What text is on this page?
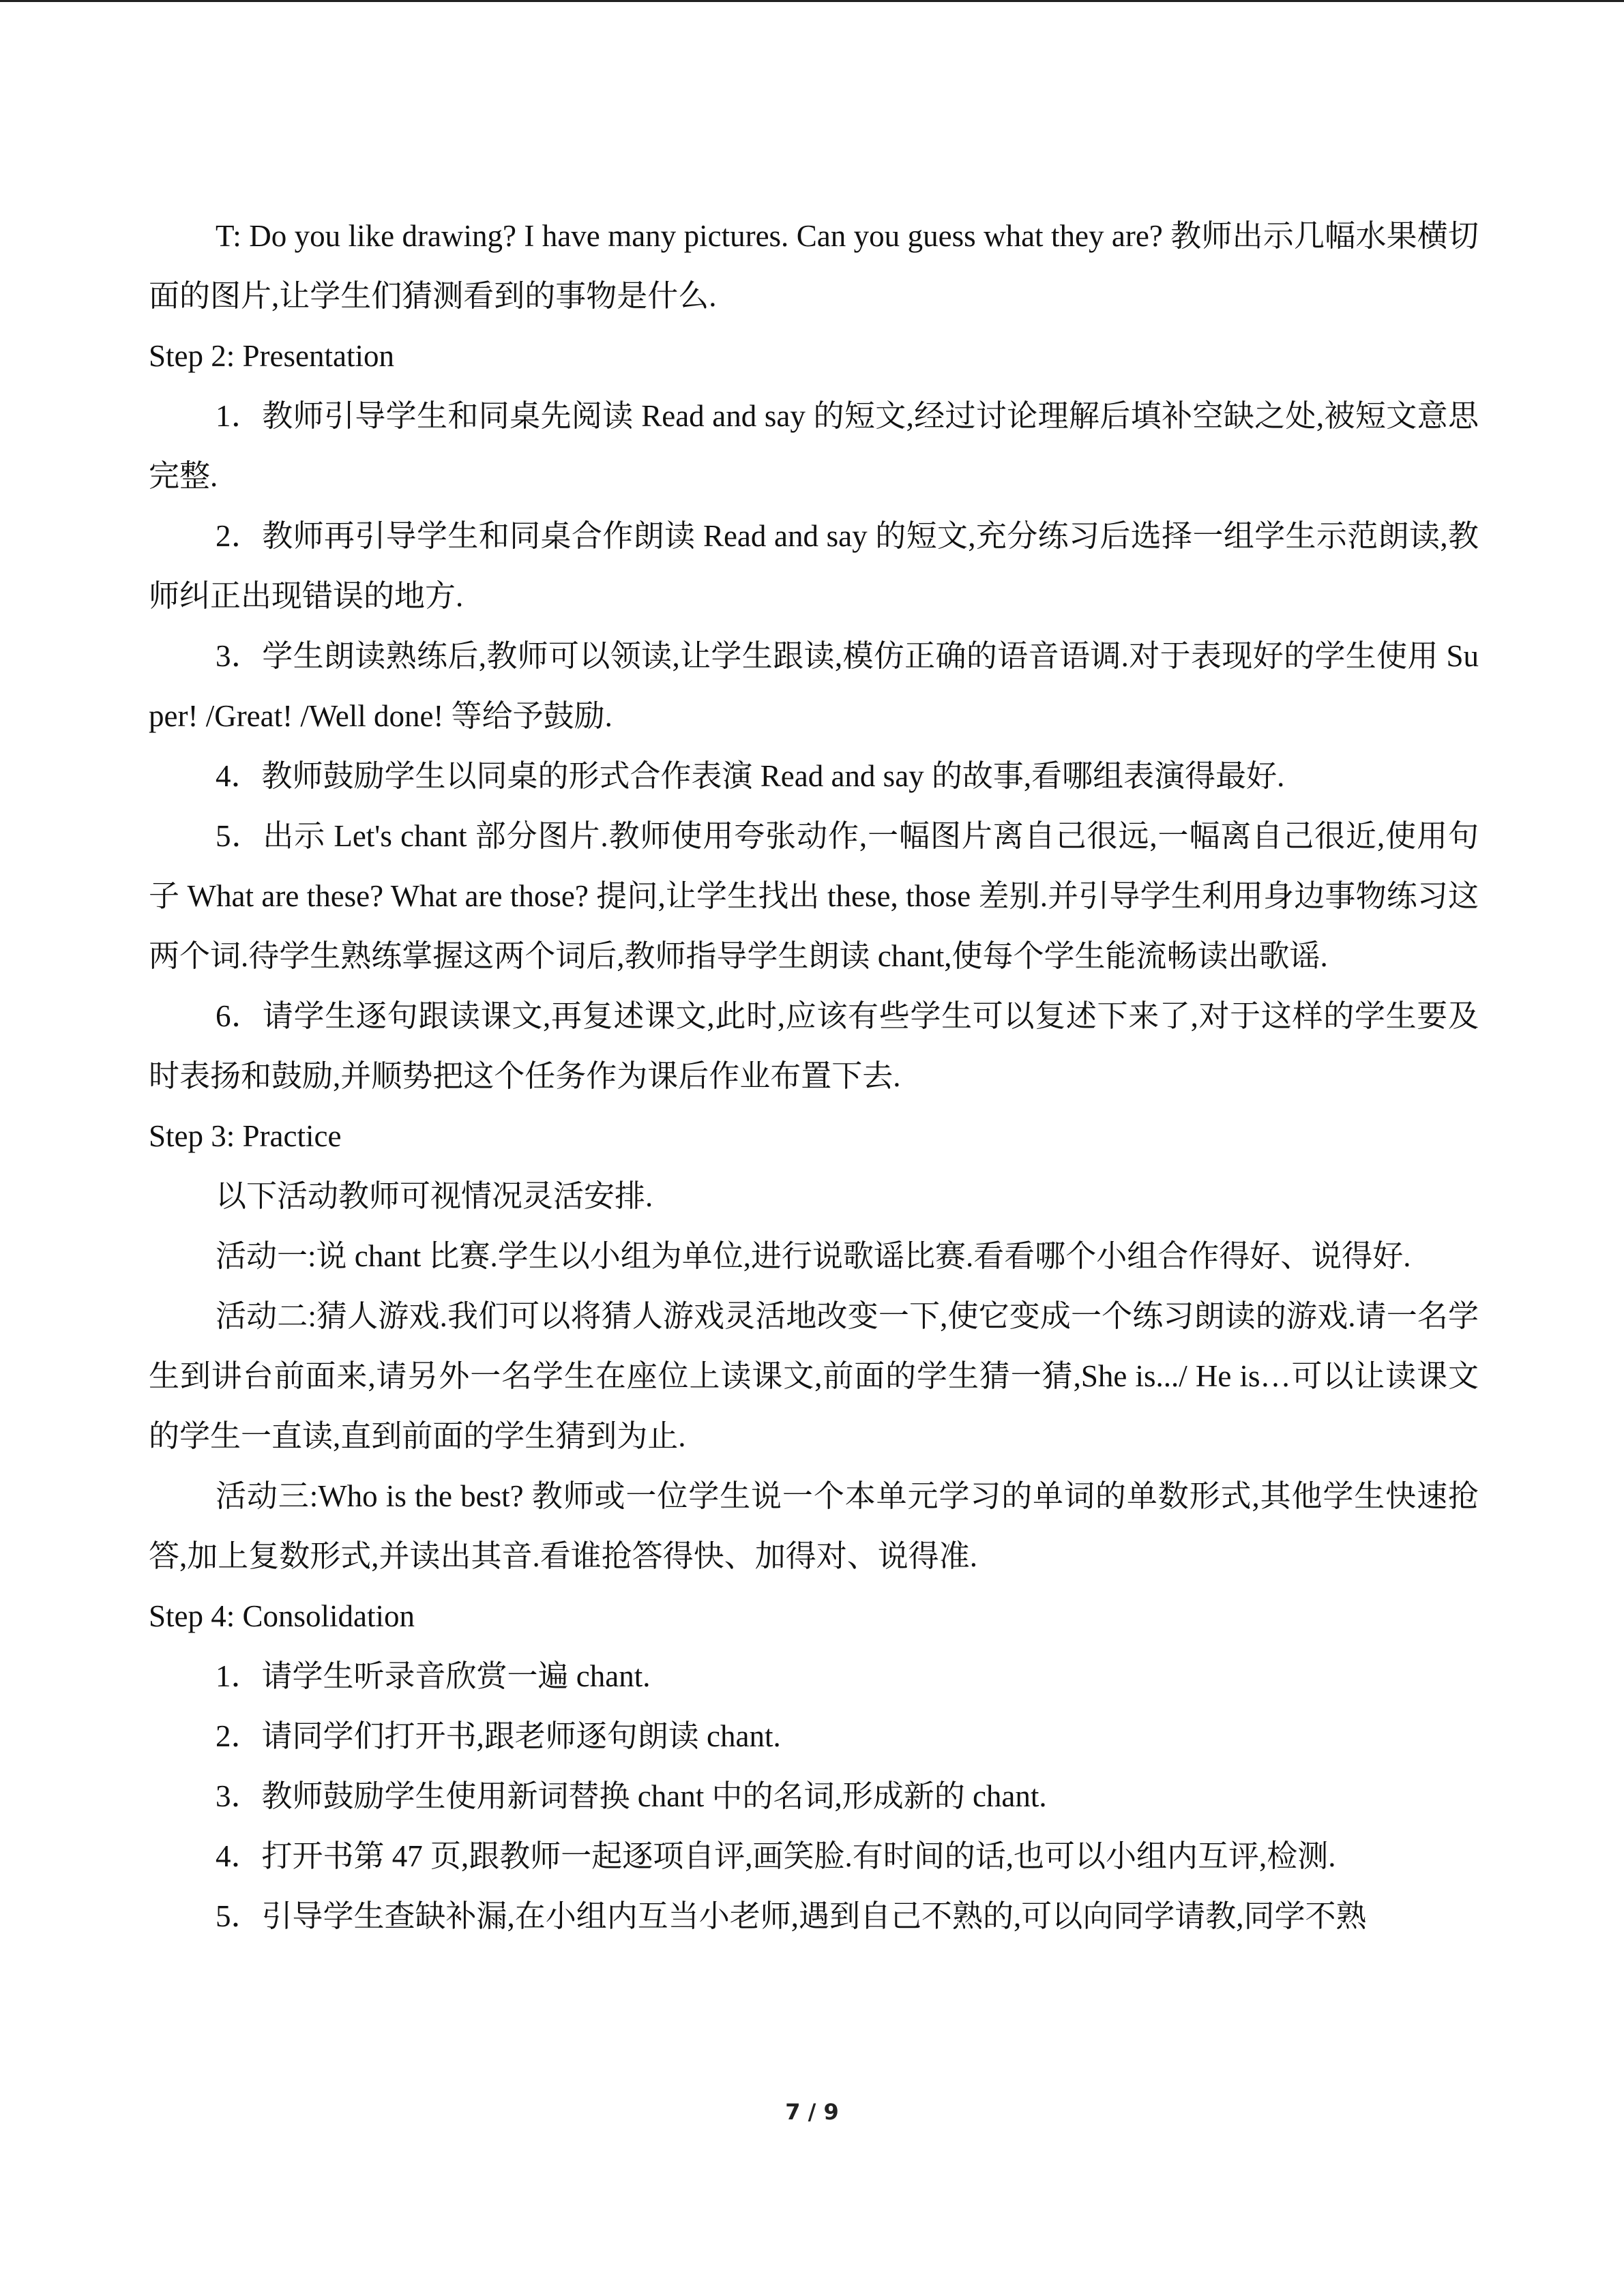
T: Do you like drawing? I have many pictures. Can you guess what they are? 教师出示几幅水果横切面的图片,让学生们猜测看到的事物是什么.

Step 2: Presentation

1．教师引导学生和同桌先阅读 Read and say 的短文,经过讨论理解后填补空缺之处,被短文意思完整.

2．教师再引导学生和同桌合作朗读 Read and say 的短文,充分练习后选择一组学生示范朗读,教师纠正出现错误的地方.

3．学生朗读熟练后,教师可以领读,让学生跟读,模仿正确的语音语调.对于表现好的学生使用 Super! /Great! /Well done! 等给予鼓励.

4．教师鼓励学生以同桌的形式合作表演 Read and say 的故事,看哪组表演得最好.

5．出示 Let's chant 部分图片.教师使用夸张动作,一幅图片离自己很远,一幅离自己很近,使用句子 What are these? What are those? 提问,让学生找出 these, those 差别.并引导学生利用身边事物练习这两个词.待学生熟练掌握这两个词后,教师指导学生朗读 chant,使每个学生能流畅读出歌谣.

6．请学生逐句跟读课文,再复述课文,此时,应该有些学生可以复述下来了,对于这样的学生要及时表扬和鼓励,并顺势把这个任务作为课后作业布置下去.

Step 3: Practice

以下活动教师可视情况灵活安排.

活动一:说 chant 比赛.学生以小组为单位,进行说歌谣比赛.看看哪个小组合作得好、说得好.

活动二:猜人游戏.我们可以将猜人游戏灵活地改变一下,使它变成一个练习朗读的游戏.请一名学生到讲台前面来,请另外一名学生在座位上读课文,前面的学生猜一猜,She is.../ He is…可以让读课文的学生一直读,直到前面的学生猜到为止.

活动三:Who is the best? 教师或一位学生说一个本单元学习的单词的单数形式,其他学生快速抢答,加上复数形式,并读出其音.看谁抢答得快、加得对、说得准.

Step 4: Consolidation

1．请学生听录音欣赏一遍 chant.

2．请同学们打开书,跟老师逐句朗读 chant.

3．教师鼓励学生使用新词替换 chant 中的名词,形成新的 chant.

4．打开书第 47 页,跟教师一起逐项自评,画笑脸.有时间的话,也可以小组内互评,检测.

5．引导学生查缺补漏,在小组内互当小老师,遇到自己不熟的,可以向同学请教,同学不熟

7 / 9
